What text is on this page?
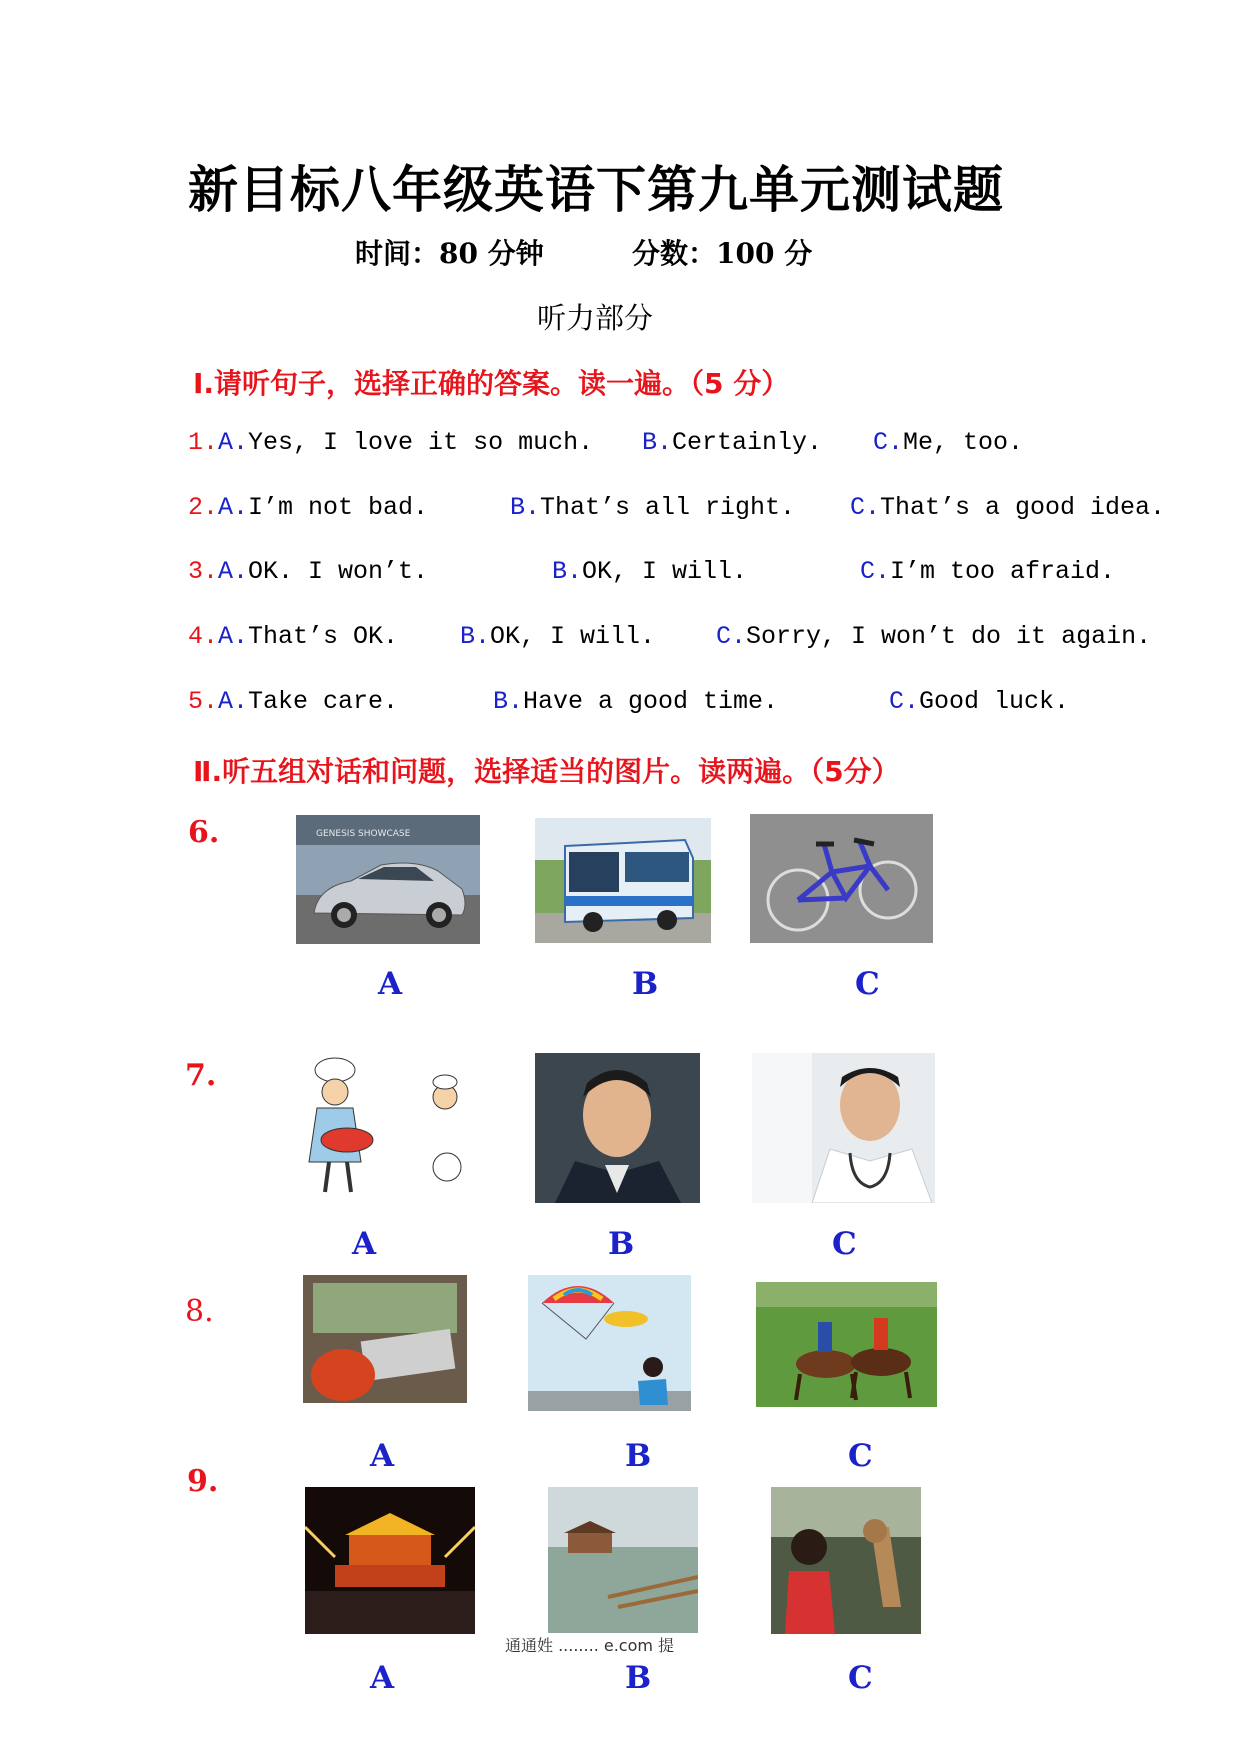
新目标八年级英语下第九单元测试题
时间：80 分钟	分数：100 分
听力部分
Ⅰ.请听句子，选择正确的答案。读一遍。（5 分）
1.A.Yes, I love it so much. B.Certainly. C.Me, too.
2.A.I’m not bad.	B.That’s all right. C.That’s a good idea.
3.A.OK. I won’t.	B.OK, I will.	C.I’m too afraid.
4.A.That’s OK. B.OK, I will. C.Sorry, I won’t do it again.
5.A.Take care.	B.Have a good time.	C.Good luck.
Ⅱ.听五组对话和问题，选择适当的图片。读两遍。（5分）
6.	GENESIS SHOWCASE
A	B	C
7.
A	B	C
8.
A	B	C
9.
通通姓 ........ e.com 提
A	B	C
